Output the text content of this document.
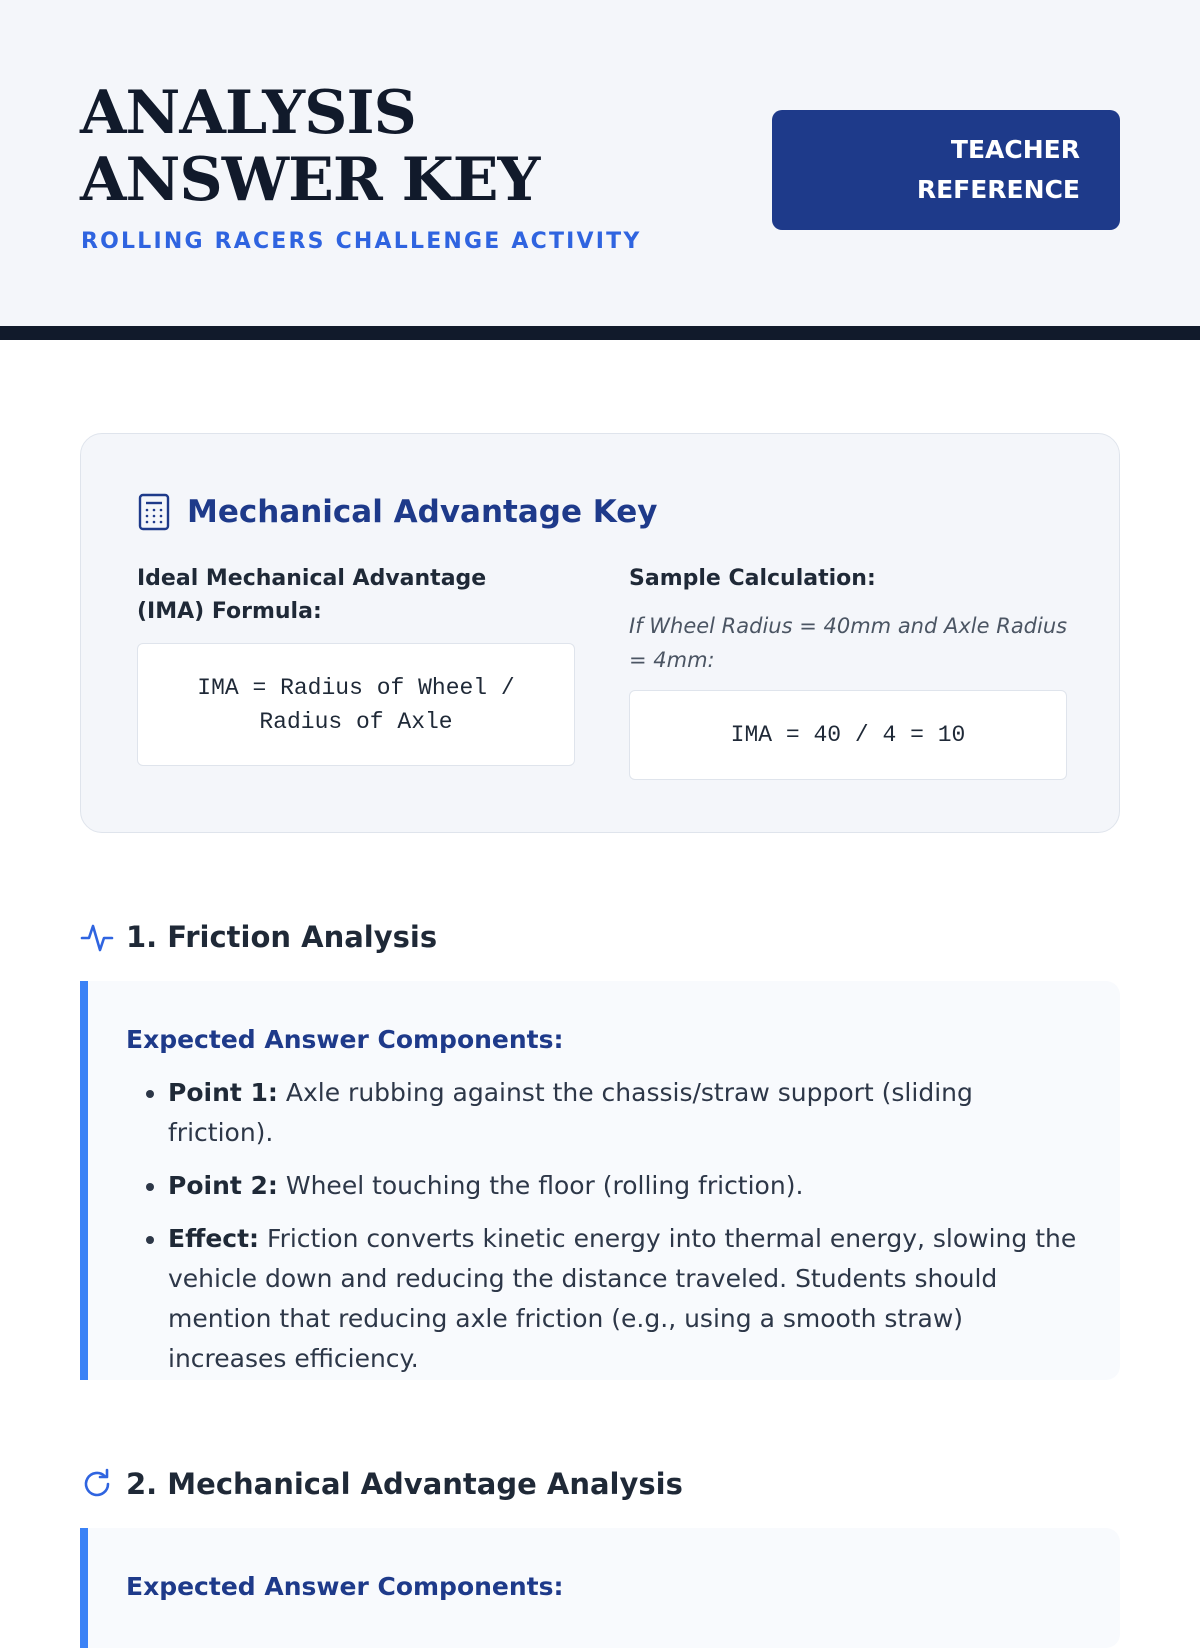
ANALYSIS ANSWER KEY
ROLLING RACERS CHALLENGE ACTIVITY
TEACHER
REFERENCE
Mechanical Advantage Key
Ideal Mechanical Advantage (IMA) Formula:
IMA = Radius of Wheel / Radius of Axle
Sample Calculation:
If Wheel Radius = 40mm and Axle Radius = 4mm:
IMA = 40 / 4 = 10
1. Friction Analysis
Expected Answer Components:
• Point 1: Axle rubbing against the chassis/straw support (sliding friction).
• Point 2: Wheel touching the floor (rolling friction).
• Effect: Friction converts kinetic energy into thermal energy, slowing the vehicle down and reducing the distance traveled. Students should mention that reducing axle friction (e.g., using a smooth straw) increases efficiency.
2. Mechanical Advantage Analysis
Expected Answer Components:
